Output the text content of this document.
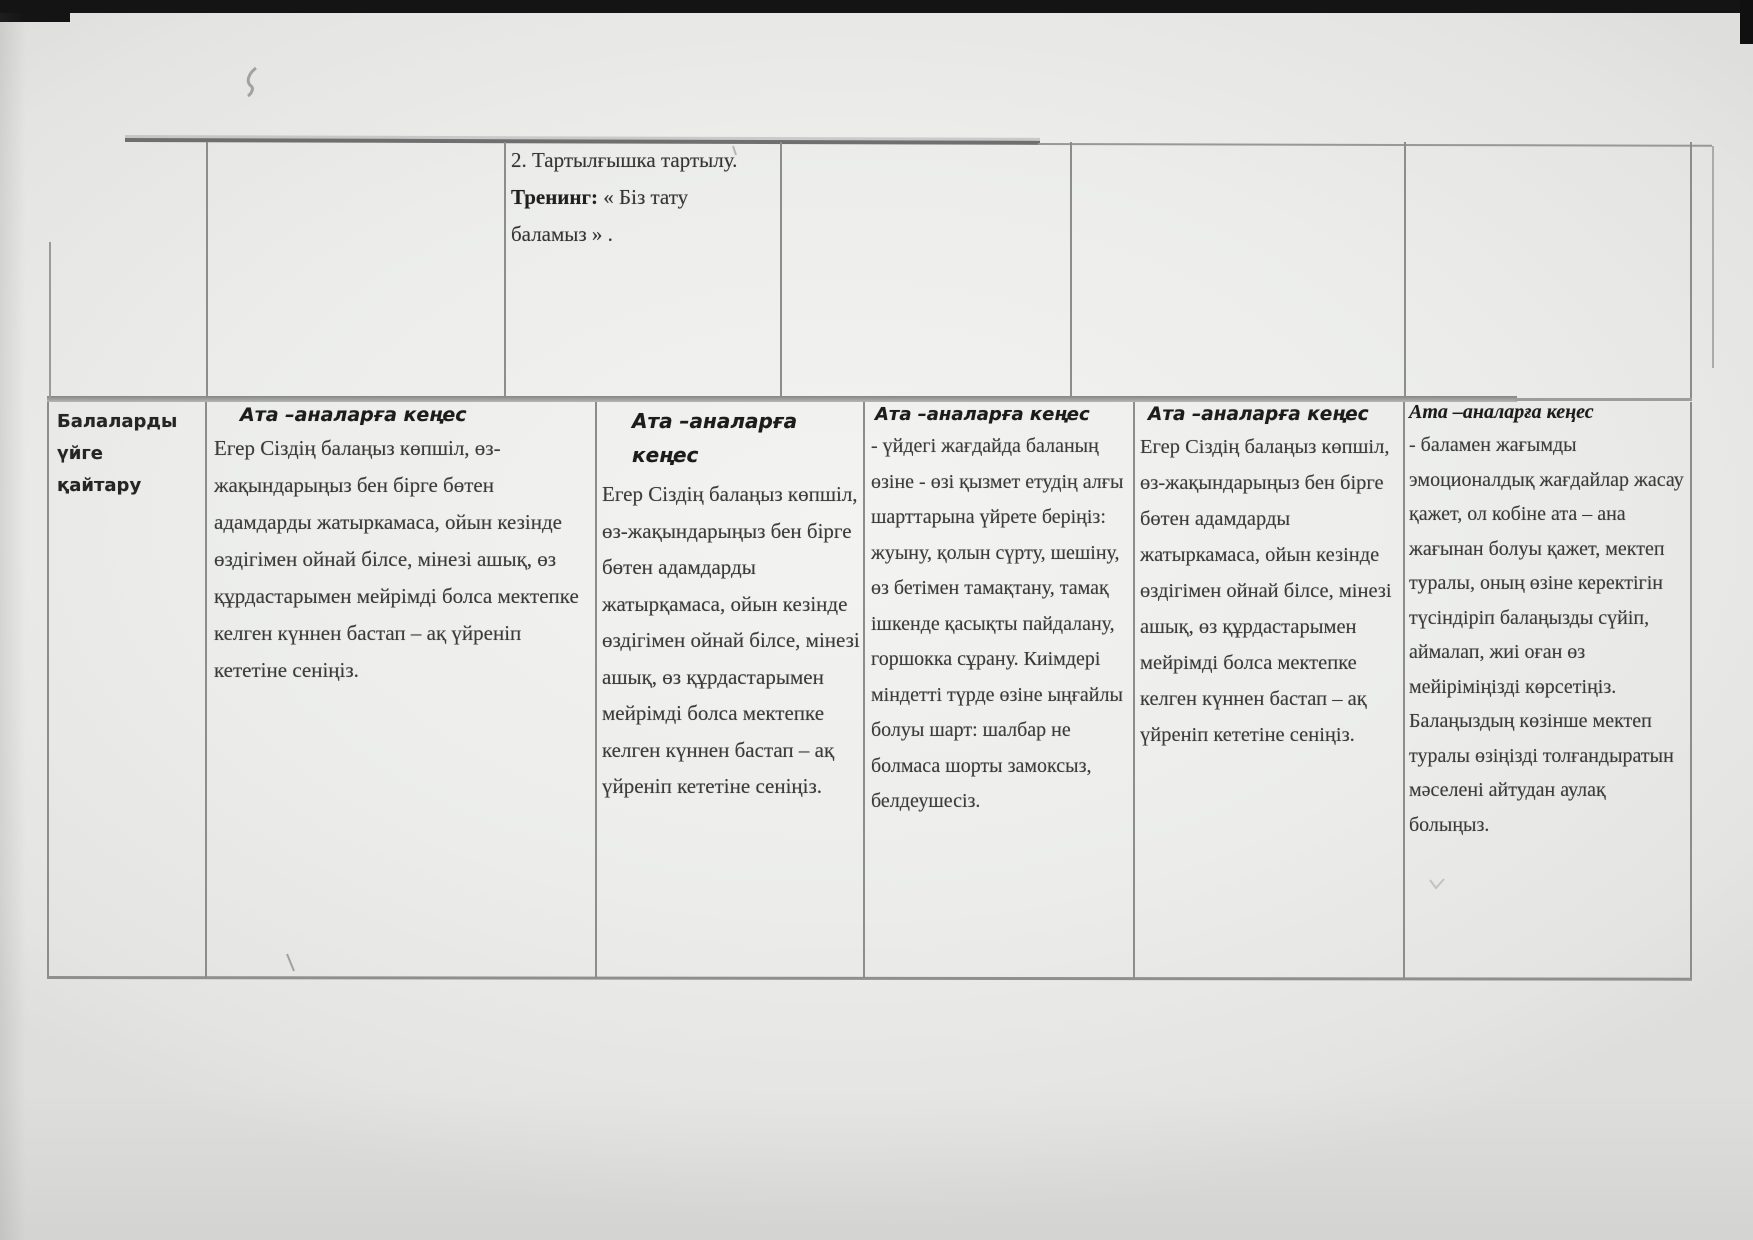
2. Тартылғышка тартылу.

Тренинг: « Біз тату баламыз » .

Балаларды үйге қайтару

Ата –аналарға кеңес

Егер Сіздің балаңыз көпшіл, өз-жақындарыңыз бен бірге бөтен адамдарды жатыркамаса, ойын кезінде өздігімен ойнай білсе, мінезі ашық, өз құрдастарымен мейрімді болса мектепке келген күннен бастап – ақ үйреніп кететіне сеніңіз.

Ата –аналарға кеңес

Егер Сіздің балаңыз көпшіл, өз-жақындарыңыз бен бірге бөтен адамдарды жатырқамаса, ойын кезінде өздігімен ойнай білсе, мінезі ашық, өз құрдастарымен мейрімді болса мектепке келген күннен бастап – ақ үйреніп кететіне сеніңіз.

Ата –аналарға кеңес

- үйдегі жағдайда баланың өзіне - өзі қызмет етудің алғы шарттарына үйрете беріңіз: жуыну, қолын сүрту, шешіну, өз бетімен тамақтану, тамақ ішкенде қасықты пайдалану, горшокка сұрану. Киімдері міндетті түрде өзіне ыңғайлы болуы шарт: шалбар не болмаса шорты замоксыз, белдеушесіз.

Ата –аналарға кеңес

Егер Сіздің балаңыз көпшіл, өз-жақындарыңыз бен бірге бөтен адамдарды жатыркамаса, ойын кезінде өздігімен ойнай білсе, мінезі ашық, өз құрдастарымен мейрімді болса мектепке келген күннен бастап – ақ үйреніп кететіне сеніңіз.

Ата –аналарға кеңес

- баламен жағымды эмоционалдық жағдайлар жасау қажет, ол кобіне ата – ана жағынан болуы қажет, мектеп туралы, оның өзіне керектігін түсіндіріп балаңызды сүйіп, аймалап, жиі оған өз мейіріміңізді көрсетіңіз. Балаңыздың көзінше мектеп туралы өзіңізді толғандыратын мәселені айтудан аулақ болыңыз.
